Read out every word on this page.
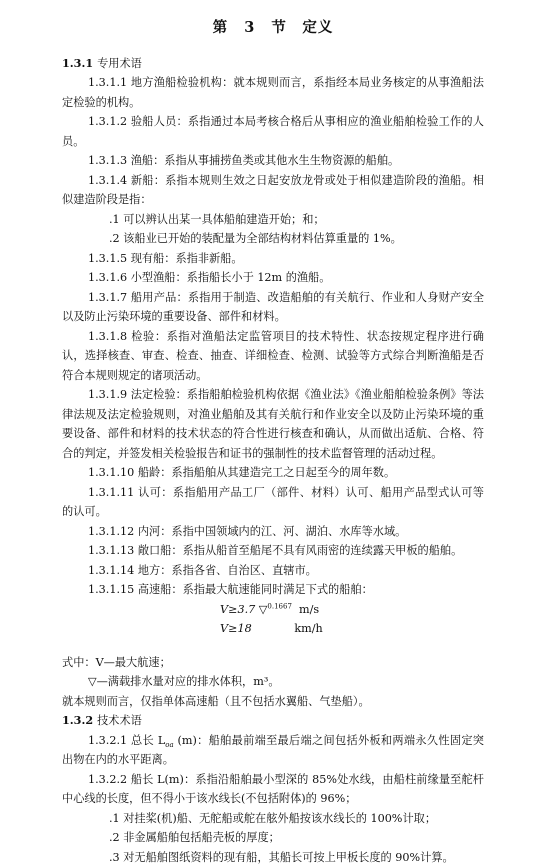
第 3 节　定义

1.3.1 专用术语

1.3.1.1 地方渔船检验机构：就本规则而言，系指经本局业务核定的从事渔船法定检验的机构。

1.3.1.2 验船人员：系指通过本局考核合格后从事相应的渔业船舶检验工作的人员。

1.3.1.3 渔船：系指从事捕捞鱼类或其他水生生物资源的船舶。

1.3.1.4 新船：系指本规则生效之日起安放龙骨或处于相似建造阶段的渔船。相似建造阶段是指：

.1 可以辨认出某一具体船舶建造开始；和；

.2 该船业已开始的装配量为全部结构材料估算重量的 1%。

1.3.1.5 现有船：系指非新船。

1.3.1.6 小型渔船：系指船长小于 12m 的渔船。

1.3.1.7 船用产品：系指用于制造、改造船舶的有关航行、作业和人身财产安全以及防止污染环境的重要设备、部件和材料。

1.3.1.8 检验：系指对渔船法定监管项目的技术特性、状态按规定程序进行确认，选择核查、审查、检查、抽查、详细检查、检测、试验等方式综合判断渔船是否符合本规则规定的诸项活动。

1.3.1.9 法定检验：系指船舶检验机构依据《渔业法》《渔业船舶检验条例》等法律法规及法定检验规则，对渔业船舶及其有关航行和作业安全以及防止污染环境的重要设备、部件和材料的技术状态的符合性进行核查和确认，从而做出适航、合格、符合的判定，并签发相关检验报告和证书的强制性的技术监督管理的活动过程。

1.3.1.10 船龄：系指船舶从其建造完工之日起至今的周年数。

1.3.1.11 认可：系指船用产品工厂（部件、材料）认可、船用产品型式认可等的认可。

1.3.1.12 内河：系指中国领域内的江、河、湖泊、水库等水域。

1.3.1.13 敞口船：系指从船首至船尾不具有风雨密的连续露天甲板的船舶。

1.3.1.14 地方：系指各省、自治区、直辖市。

1.3.1.15 高速船：系指最大航速能同时满足下式的船舶：

V≥3.7 ▽$^{0.1667}$ m/s

V≥18	km/h

式中：V—最大航速；

▽—满载排水量对应的排水体积，m³。

就本规则而言，仅指单体高速船（且不包括水翼船、气垫船）。

1.3.2 技术术语

1.3.2.1 总长 $L_{oa}$ (m)：船舶最前端至最后端之间包括外板和两端永久性固定突出物在内的水平距离。

1.3.2.2 船长 L(m)：系指沿船舶最小型深的 85%处水线，由船柱前缘量至舵杆中心线的长度，但不得小于该水线长(不包括附体)的 96%；

.1 对挂桨(机)船、无舵船或舵在舷外船按该水线长的 100%计取；

.2 非金属船舶包括船壳板的厚度；

.3 对无船舶图纸资料的现有船，其船长可按上甲板长度的 90%计算。
